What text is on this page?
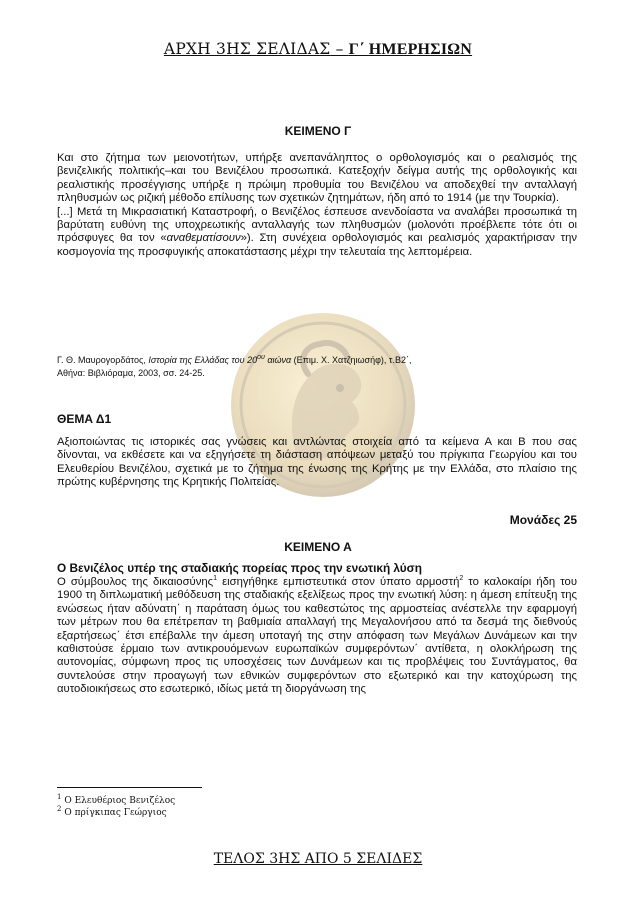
ΑΡΧΗ 3ΗΣ ΣΕΛΙΔΑΣ – Γ΄ ΗΜΕΡΗΣΙΩΝ
ΚΕΙΜΕΝΟ Γ

Και στο ζήτημα των μειονοτήτων, υπήρξε ανεπανάληπτος ο ορθολογισμός και ο ρεαλισμός της βενιζελικής πολιτικής–και του Βενιζέλου προσωπικά. Κατεξοχήν δείγμα αυτής της ορθολογικής και ρεαλιστικής προσέγγισης υπήρξε η πρώιμη προθυμία του Βενιζέλου να αποδεχθεί την ανταλλαγή πληθυσμών ως ριζική μέθοδο επίλυσης των σχετικών ζητημάτων, ήδη από το 1914 (με την Τουρκία).

[...] Μετά τη Μικρασιατική Καταστροφή, ο Βενιζέλος έσπευσε ανενδοίαστα να αναλάβει προσωπικά τη βαρύτατη ευθύνη της υποχρεωτικής ανταλλαγής των πληθυσμών (μολονότι προέβλεπε τότε ότι οι πρόσφυγες θα τον «αναθεματίσουν»). Στη συνέχεια ορθολογισμός και ρεαλισμός χαρακτήρισαν την κοσμογονία της προσφυγικής αποκατάστασης μέχρι την τελευταία της λεπτομέρεια.

Γ. Θ. Μαυρογορδάτος, Ιστορία της Ελλάδας του $20^{o\upsilon}$ αιώνα (Επιμ. Χ. Χατζηιωσήφ), τ.Β2΄,
Αθήνα: Βιβλιόραμα, 2003, σσ. 24-25.
ΘΕΜΑ Δ1
Αξιοποιώντας τις ιστορικές σας γνώσεις και αντλώντας στοιχεία από τα κείμενα Α και Β που σας δίνονται, να εκθέσετε και να εξηγήσετε τη διάσταση απόψεων μεταξύ του πρίγκιπα Γεωργίου και του Ελευθερίου Βενιζέλου, σχετικά με το ζήτημα της ένωσης της Κρήτης με την Ελλάδα, στο πλαίσιο της πρώτης κυβέρνησης της Κρητικής Πολιτείας.
Μονάδες 25
ΚΕΙΜΕΝΟ Α
Ο Βενιζέλος υπέρ της σταδιακής πορείας προς την ενωτική λύση
Ο σύμβουλος της δικαιοσύνης$^1$ εισηγήθηκε εμπιστευτικά στον ύπατο αρμοστή$^2$ το καλοκαίρι ήδη του 1900 τη διπλωματική μεθόδευση της σταδιακής εξελίξεως προς την ενωτική λύση: η άμεση επίτευξη της ενώσεως ήταν αδύνατη΄ η παράταση όμως του καθεστώτος της αρμοστείας ανέστελλε την εφαρμογή των μέτρων που θα επέτρεπαν τη βαθμιαία απαλλαγή της Μεγαλονήσου από τα δεσμά της διεθνούς εξαρτήσεως΄ έτσι επέβαλλε την άμεση υποταγή της στην απόφαση των Μεγάλων Δυνάμεων και την καθιστούσε έρμαιο των αντικρουόμενων ευρωπαϊκών συμφερόντων΄ αντίθετα, η ολοκλήρωση της αυτονομίας, σύμφωνη προς τις υποσχέσεις των Δυνάμεων και τις προβλέψεις του Συντάγματος, θα συντελούσε στην προαγωγή των εθνικών συμφερόντων στο εξωτερικό και την κατοχύρωση της αυτοδιοικήσεως στο εσωτερικό, ιδίως μετά τη διοργάνωση της
$^1$ Ο Ελευθέριος Βενιζέλος
$^2$ Ο πρίγκιπας Γεώργιος
ΤΕΛΟΣ 3ΗΣ ΑΠΟ 5 ΣΕΛΙΔΕΣ
